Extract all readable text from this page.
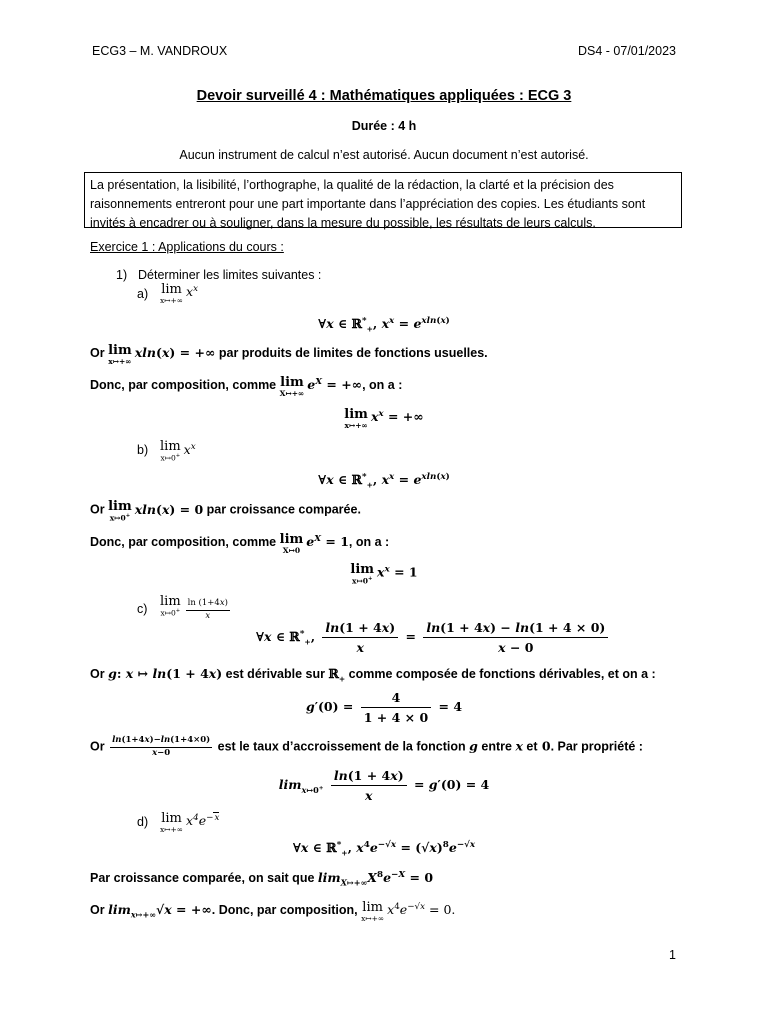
ECG3 – M. VANDROUX	DS4 - 07/01/2023
Devoir surveillé 4 : Mathématiques appliquées : ECG 3
Durée : 4 h
Aucun instrument de calcul n’est autorisé. Aucun document n’est autorisé.
La présentation, la lisibilité, l’orthographe, la qualité de la rédaction, la clarté et la précision des
raisonnements entreront pour une part importante dans l’appréciation des copies. Les étudiants sont
invités à encadrer ou à souligner, dans la mesure du possible, les résultats de leurs calculs.
Exercice 1 : Applications du cours :
1) Déterminer les limites suivantes :
a) lim
x↦+∞
$x^x$
∀x ∈ ℝ*$_+$, $x^x = e^{xln(x)}$
Or lim
x↦+∞
xln(x) = +∞ par produits de limites de fonctions usuelles.
Donc, par composition, comme lim
X↦+∞
$e^X$ = +∞, on a :
lim
x↦+∞
$x^x$ = +∞
b) lim
x↦0+ $x^x$
∀x ∈ ℝ*$_+$, $x^x = e^{xln(x)}$
Or lim
x↦0+ xln(x) = 0 par croissance comparée.
Donc, par composition, comme lim
X↦0
$e^X = 1$, on a :
lim
x↦0+ $x^x = 1$
c) lim
x↦0+ $\frac{\ln (1+4x)}{x}$
∀x ∈ ℝ*$_+$, $\frac{\ln(1 + 4x)}{x} = \frac{\ln(1 + 4x) - \ln(1 + 4 \times 0)}{x - 0}$
Or g: x ↦ ln(1 + 4x) est dérivable sur ℝ$_+$ comme composée de fonctions dérivables, et on a :
$g'(0) = \frac{4}{1 + 4 \times 0} = 4$
Or $\frac{\ln(1+4x)-\ln(1+4\times 0)}{x-0}$ est le taux d’accroissement de la fonction g entre x et 0. Par propriété :
$\lim_{x↦0^+} \frac{\ln(1 + 4x)}{x} = g'(0) = 4$
d) lim
x↦+∞
$x^4e^{-x}$
∀x ∈ ℝ*$_+$, $x^4e^{-√x} = (√x)^8e^{-√x}$
Par croissance comparée, on sait que $\lim_{X↦+\infty}X^8e^{-X} = 0$
Or $\lim_{x↦+\infty}√x$ = +∞. Donc, par composition, lim
x↦+∞
$x^4e^{-√x} = 0$.
1
